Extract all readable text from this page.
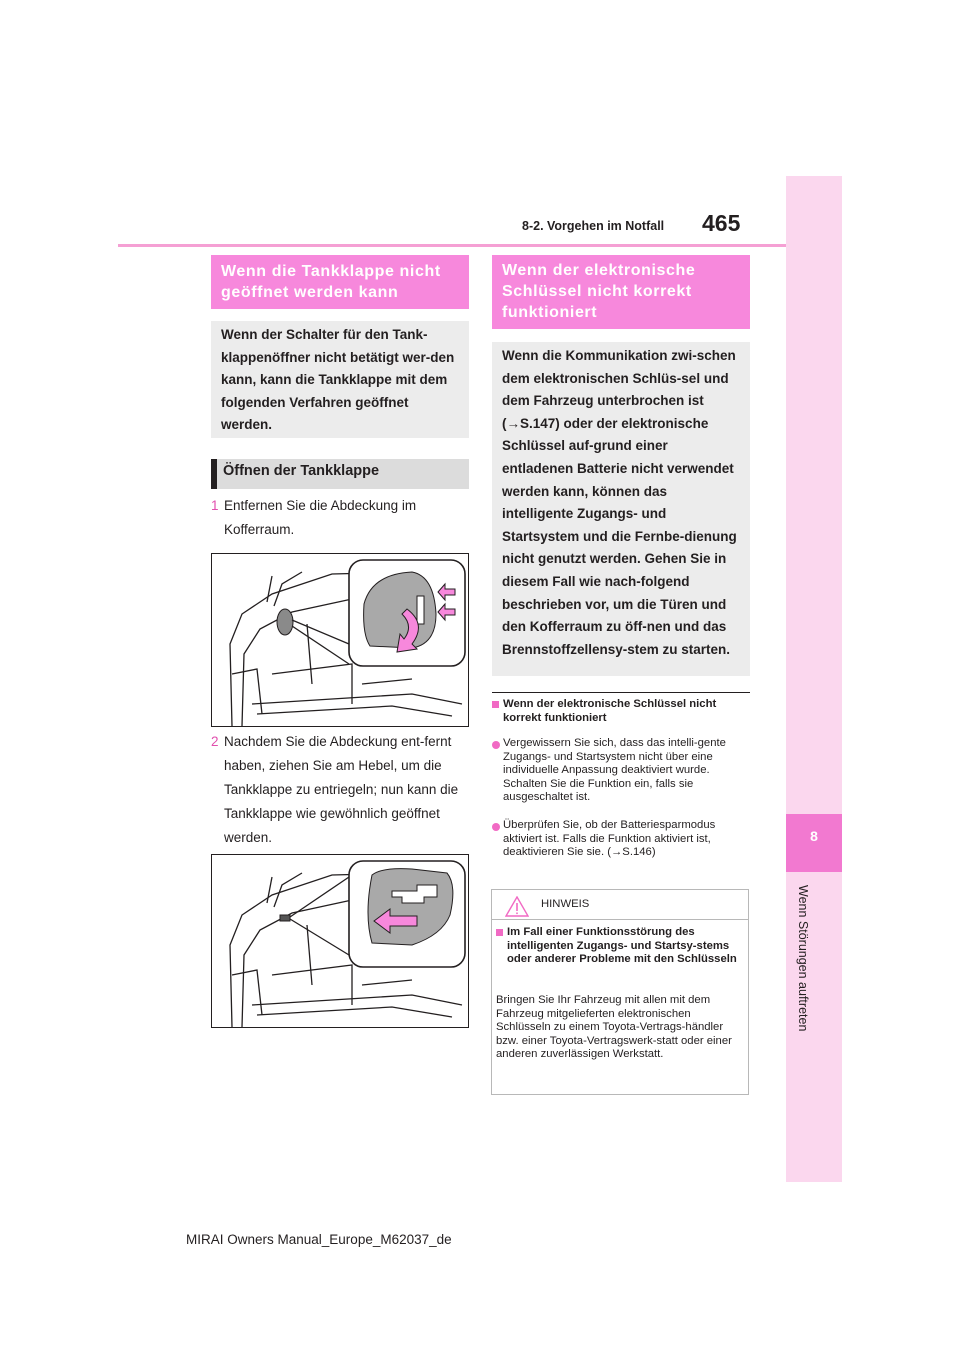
8-2. Vorgehen im Notfall 465
8
Wenn Störungen auftreten
Wenn die Tankklappe nicht geöffnet werden kann
Wenn der Schalter für den Tank-klappenöffner nicht betätigt wer-den kann, kann die Tankklappe mit dem folgenden Verfahren geöffnet werden.
Öffnen der Tankklappe
1 Entfernen Sie die Abdeckung im Kofferraum.
2 Nachdem Sie die Abdeckung ent-fernt haben, ziehen Sie am Hebel, um die Tankklappe zu entriegeln; nun kann die Tankklappe wie gewöhnlich geöffnet werden.
Wenn der elektronische Schlüssel nicht korrekt funktioniert
Wenn die Kommunikation zwi-schen dem elektronischen Schlüs-sel und dem Fahrzeug unterbrochen ist (→S.147) oder der elektronische Schlüssel auf-grund einer entladenen Batterie nicht verwendet werden kann, können das intelligente Zugangs- und Startsystem und die Fernbe-dienung nicht genutzt werden. Gehen Sie in diesem Fall wie nach-folgend beschrieben vor, um die Türen und den Kofferraum zu öff-nen und das Brennstoffzellensy-stem zu starten.
Wenn der elektronische Schlüssel nicht korrekt funktioniert
Vergewissern Sie sich, dass das intelli-gente Zugangs- und Startsystem nicht über eine individuelle Anpassung deaktiviert wurde. Schalten Sie die Funktion ein, falls sie ausgeschaltet ist.
Überprüfen Sie, ob der Batteriesparmodus aktiviert ist. Falls die Funktion aktiviert ist, deaktivieren Sie sie. (→S.146)
HINWEIS
Im Fall einer Funktionsstörung des intelligenten Zugangs- und Startsy-stems oder anderer Probleme mit den Schlüsseln
Bringen Sie Ihr Fahrzeug mit allen mit dem Fahrzeug mitgelieferten elektronischen Schlüsseln zu einem Toyota-Vertrags-händler bzw. einer Toyota-Vertragswerk-statt oder einer anderen zuverlässigen Werkstatt.
MIRAI Owners Manual_Europe_M62037_de
